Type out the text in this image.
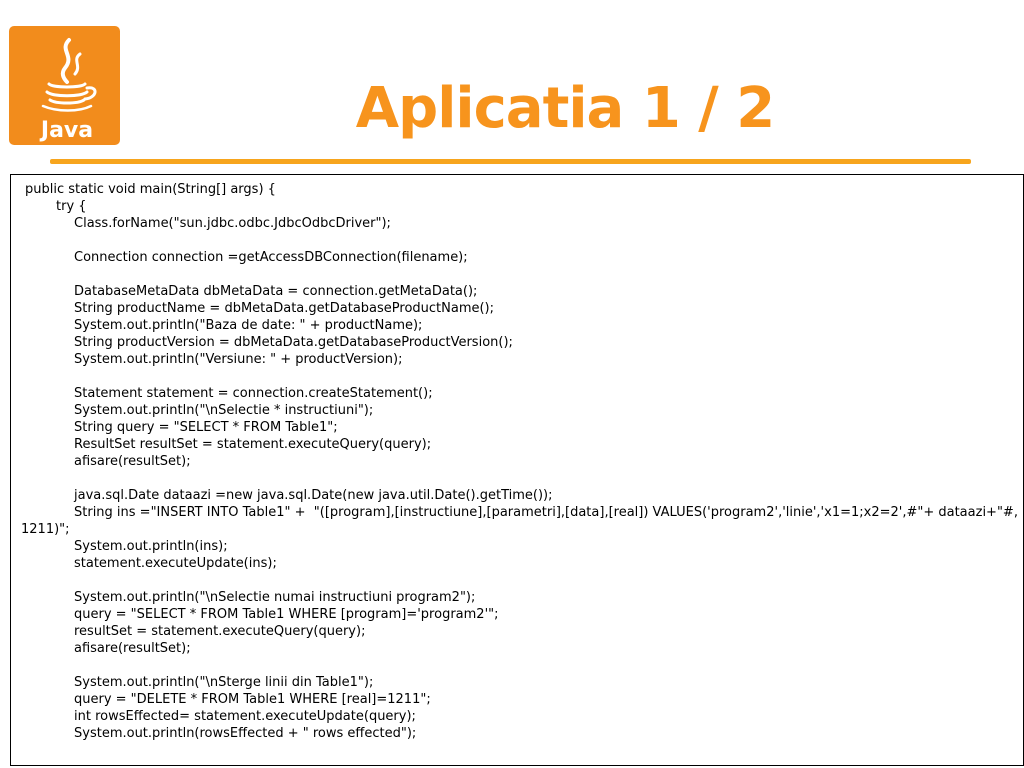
Java	Aplicatia 1 / 2
public static void main(String[] args) {
try {
Class.forName("sun.jdbc.odbc.JdbcOdbcDriver");
Connection connection =getAccessDBConnection(filename);
DatabaseMetaData dbMetaData = connection.getMetaData();
String productName = dbMetaData.getDatabaseProductName();
System.out.println("Baza de date: " + productName);
String productVersion = dbMetaData.getDatabaseProductVersion();
System.out.println("Versiune: " + productVersion);
Statement statement = connection.createStatement();
System.out.println("\nSelectie * instructiuni");
String query = "SELECT * FROM Table1";
ResultSet resultSet = statement.executeQuery(query);
afisare(resultSet);
java.sql.Date dataazi =new java.sql.Date(new java.util.Date().getTime());
String ins ="INSERT INTO Table1" +  "([program],[instructiune],[parametri],[data],[real]) VALUES('program2','linie','x1=1;x2=2',#"+ dataazi+"#,
1211)";
System.out.println(ins);
statement.executeUpdate(ins);
System.out.println("\nSelectie numai instructiuni program2");
query = "SELECT * FROM Table1 WHERE [program]='program2'";
resultSet = statement.executeQuery(query);
afisare(resultSet);
System.out.println("\nSterge linii din Table1");
query = "DELETE * FROM Table1 WHERE [real]=1211";
int rowsEffected= statement.executeUpdate(query);
System.out.println(rowsEffected + " rows effected");
